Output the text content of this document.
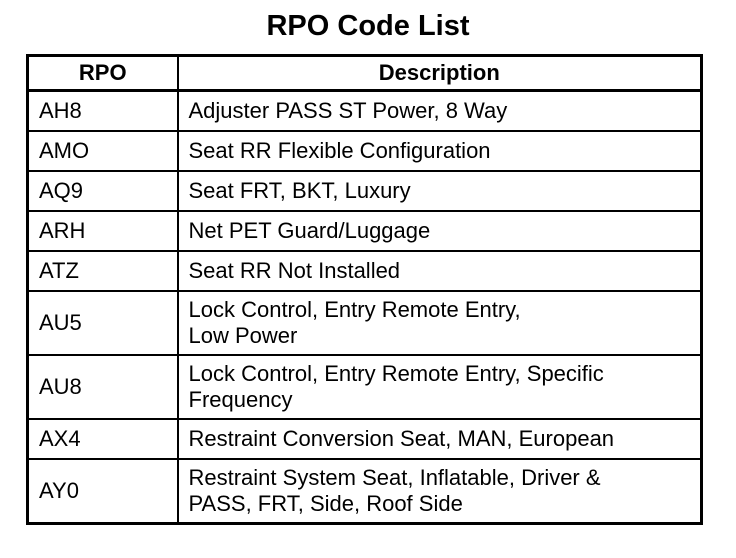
RPO Code List
RPO	Description
AH8	Adjuster PASS ST Power, 8 Way
AMO	Seat RR Flexible Configuration
AQ9	Seat FRT, BKT, Luxury
ARH	Net PET Guard/Luggage
ATZ	Seat RR Not Installed
AU5	Lock Control, Entry Remote Entry,
Low Power
AU8	Lock Control, Entry Remote Entry, Specific
Frequency
AX4	Restraint Conversion Seat, MAN, European
AY0	Restraint System Seat, Inflatable, Driver &
PASS, FRT, Side, Roof Side
